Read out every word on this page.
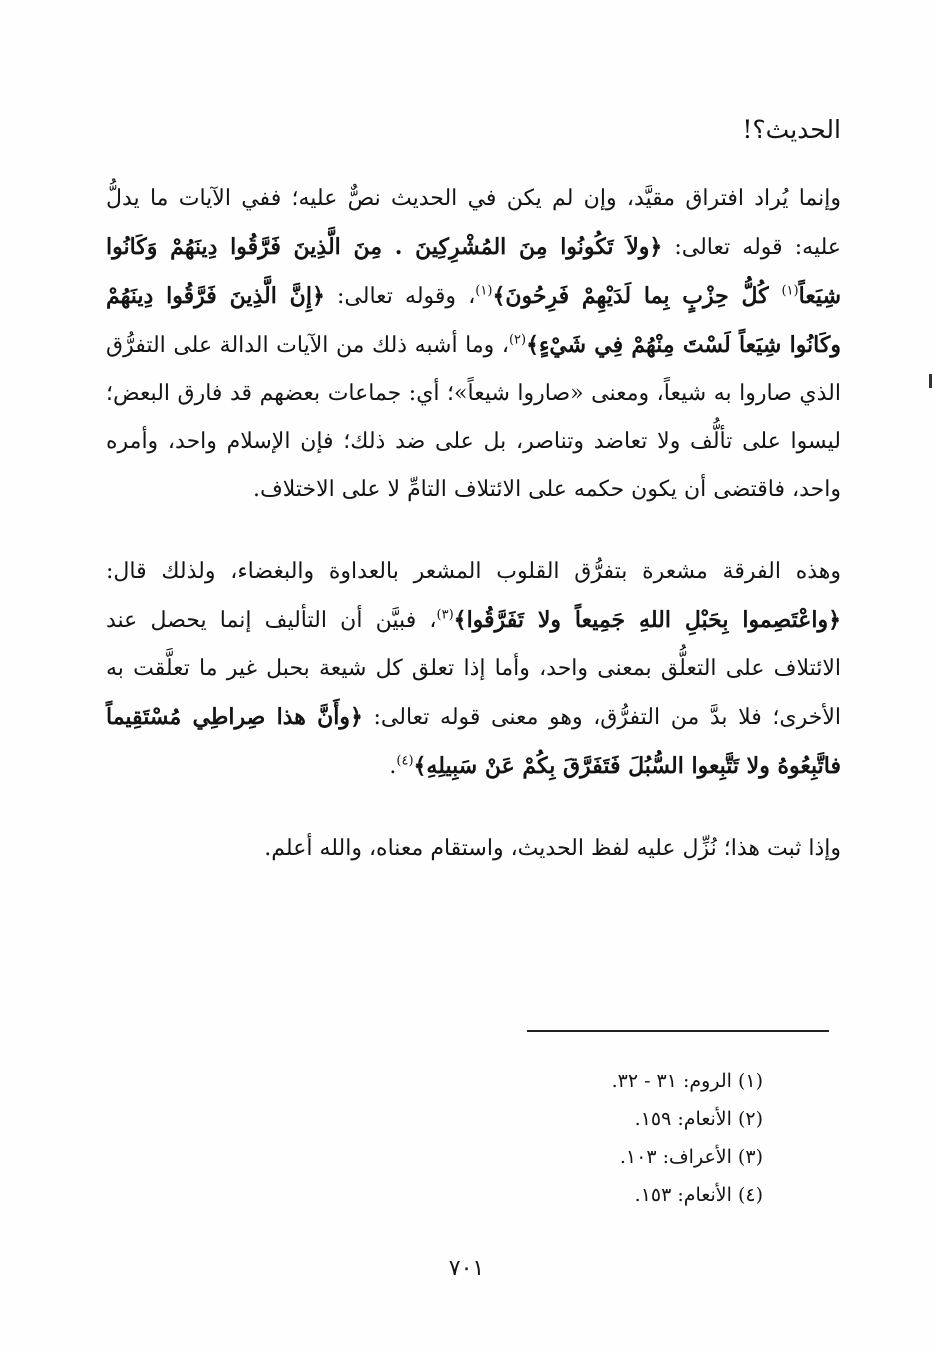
الحديث؟!

وإنما يُراد افتراق مقيَّد، وإن لم يكن في الحديث نصٌّ عليه؛ ففي الآيات ما يدلُّ عليه: قوله تعالى: ﴿ولاَ تَكُونُوا مِنَ المُشْرِكِينَ . مِنَ الَّذِينَ فَرَّقُوا دِينَهُمْ وَكَانُوا شِيَعاً$^{(١)}$ كُلُّ حِزْبٍ بِما لَدَيْهِمْ فَرِحُونَ﴾$^{(١)}$، وقوله تعالى: ﴿إِنَّ الَّذِينَ فَرَّقُوا دِينَهُمْ وكَانُوا شِيَعاً لَسْتَ مِنْهُمْ فِي شَيْءٍ﴾$^{(٢)}$، وما أشبه ذلك من الآيات الدالة على التفرُّق الذي صاروا به شيعاً، ومعنى «صاروا شيعاً»؛ أي: جماعات بعضهم قد فارق البعض؛ ليسوا على تألُّف ولا تعاضد وتناصر، بل على ضد ذلك؛ فإن الإسلام واحد، وأمره واحد، فاقتضى أن يكون حكمه على الائتلاف التامِّ لا على الاختلاف.

وهذه الفرقة مشعرة بتفرُّق القلوب المشعر بالعداوة والبغضاء، ولذلك قال: ﴿واعْتَصِموا بِحَبْلِ اللهِ جَمِيعاً ولا تَفَرَّقُوا﴾$^{(٣)}$، فبيَّن أن التأليف إنما يحصل عند الائتلاف على التعلُّق بمعنى واحد، وأما إذا تعلق كل شيعة بحبل غير ما تعلَّقت به الأخرى؛ فلا بدَّ من التفرُّق، وهو معنى قوله تعالى: ﴿وأَنَّ هذا صِراطِي مُسْتَقِيماً فاتَّبِعُوهُ ولا تَتَّبِعوا السُّبُلَ فَتَفَرَّقَ بِكُمْ عَنْ سَبِيلِهِ﴾$^{(٤)}$.

وإذا ثبت هذا؛ نُزِّل عليه لفظ الحديث، واستقام معناه، والله أعلم.

(١) الروم: ٣١ - ٣٢.
(٢) الأنعام: ١٥٩.
(٣) الأعراف: ١٠٣.
(٤) الأنعام: ١٥٣.

٧٠١
